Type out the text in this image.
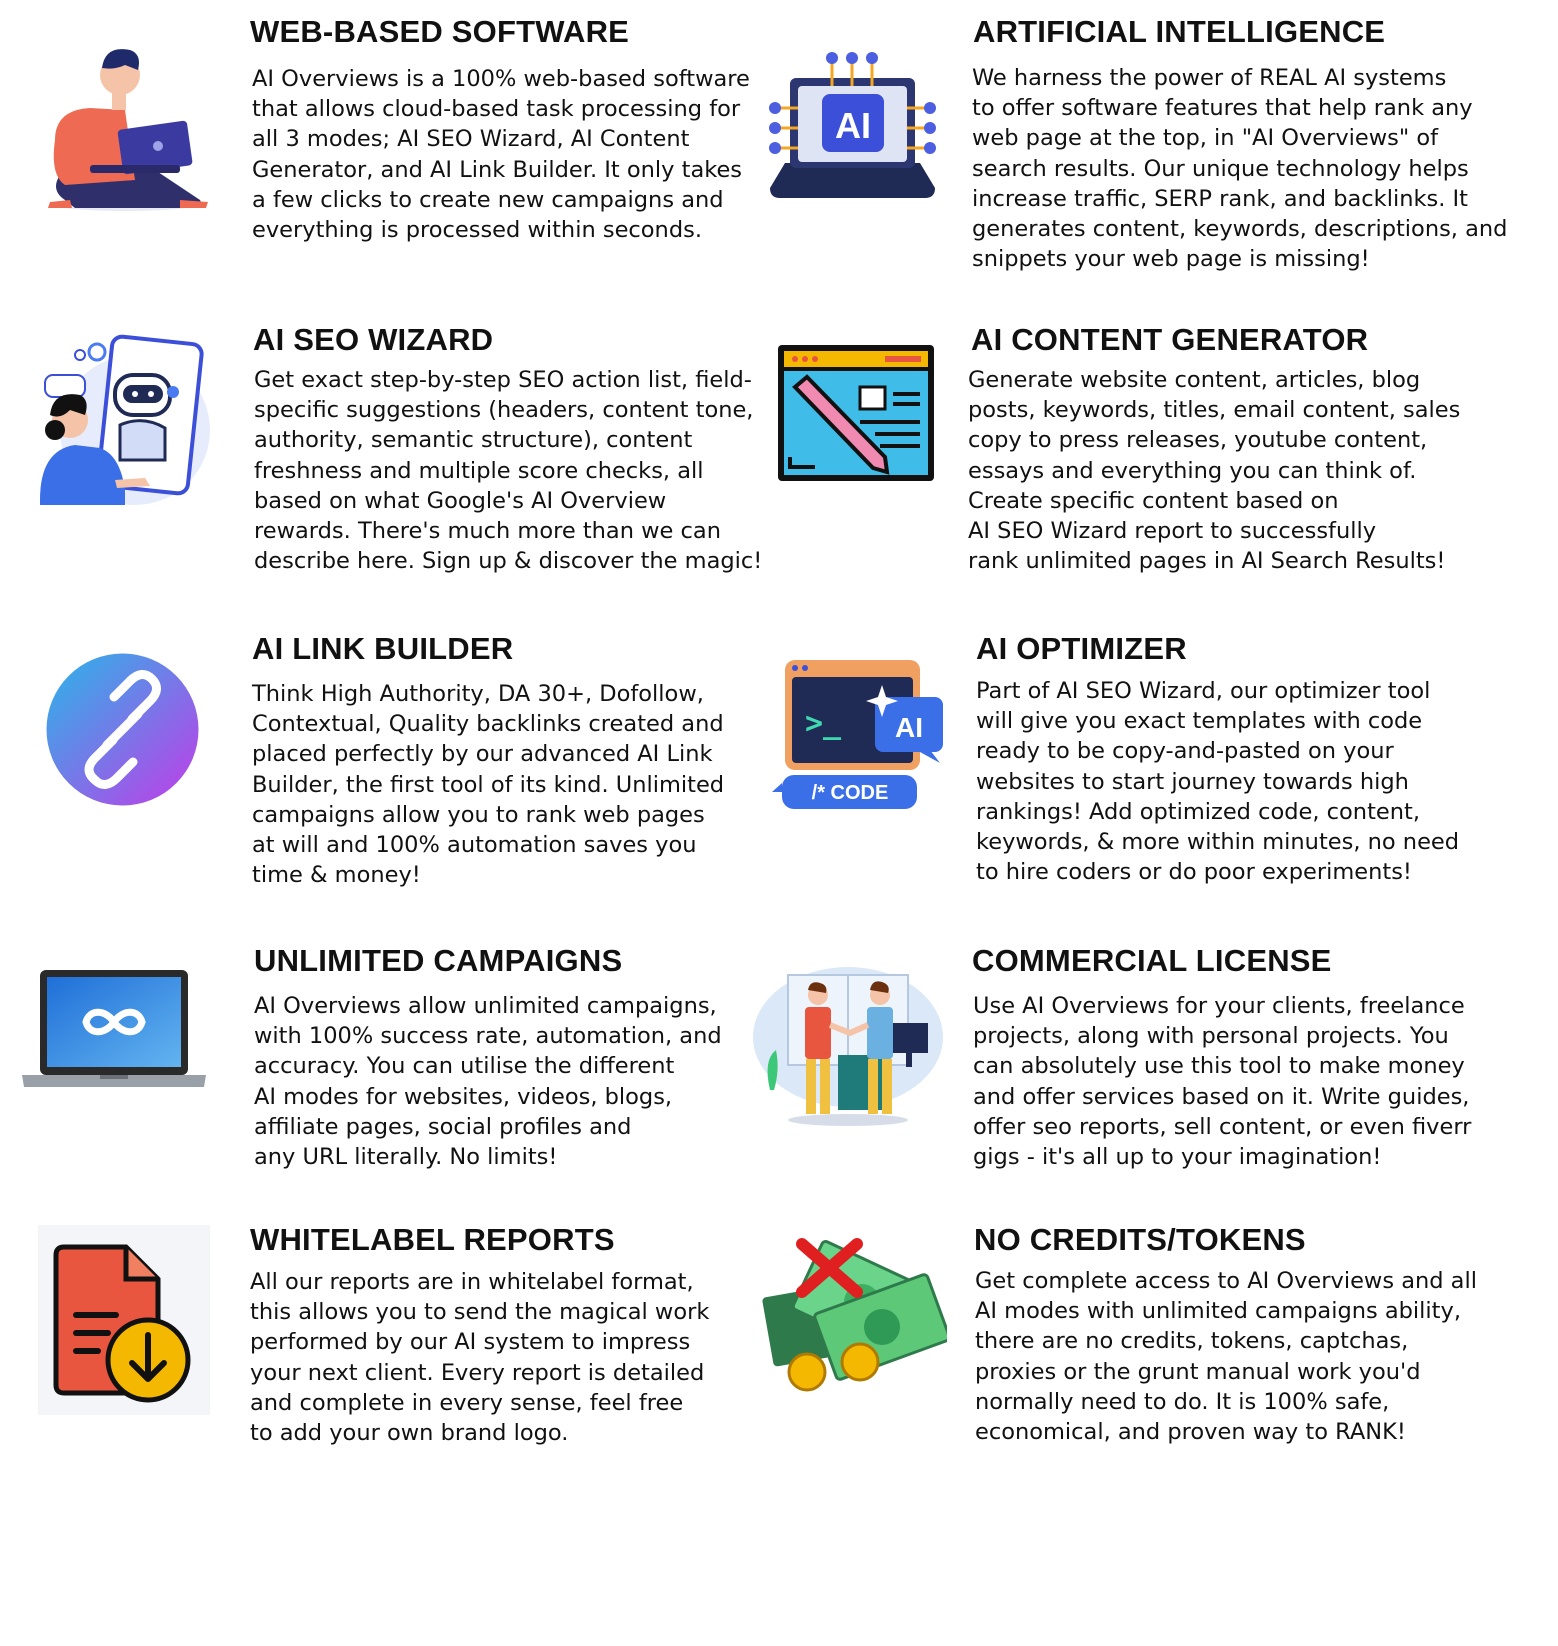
WEB-BASED SOFTWARE

AI Overviews is a 100% web-based software
that allows cloud-based task processing for
all 3 modes; AI SEO Wizard, AI Content
Generator, and AI Link Builder. It only takes
a few clicks to create new campaigns and
everything is processed within seconds.

AI
ARTIFICIAL INTELLIGENCE

We harness the power of REAL AI systems
to offer software features that help rank any
web page at the top, in "AI Overviews" of
search results. Our unique technology helps
increase traffic, SERP rank, and backlinks. It
generates content, keywords, descriptions, and
snippets your web page is missing!

AI SEO WIZARD

Get exact step-by-step SEO action list, field-
specific suggestions (headers, content tone,
authority, semantic structure), content
freshness and multiple score checks, all
based on what Google's AI Overview
rewards. There's much more than we can
describe here. Sign up & discover the magic!

AI CONTENT GENERATOR

Generate website content, articles, blog
posts, keywords, titles, email content, sales
copy to press releases, youtube content,
essays and everything you can think of.
Create specific content based on
AI SEO Wizard report to successfully
rank unlimited pages in AI Search Results!

AI LINK BUILDER

Think High Authority, DA 30+, Dofollow,
Contextual, Quality backlinks created and
placed perfectly by our advanced AI Link
Builder, the first tool of its kind. Unlimited
campaigns allow you to rank web pages
at will and 100% automation saves you
time & money!

>_ AI
/* CODE
AI OPTIMIZER

Part of AI SEO Wizard, our optimizer tool
will give you exact templates with code
ready to be copy-and-pasted on your
websites to start journey towards high
rankings! Add optimized code, content,
keywords, & more within minutes, no need
to hire coders or do poor experiments!

UNLIMITED CAMPAIGNS

AI Overviews allow unlimited campaigns,
with 100% success rate, automation, and
accuracy. You can utilise the different
AI modes for websites, videos, blogs,
affiliate pages, social profiles and
any URL literally. No limits!

COMMERCIAL LICENSE

Use AI Overviews for your clients, freelance
projects, along with personal projects. You
can absolutely use this tool to make money
and offer services based on it. Write guides,
offer seo reports, sell content, or even fiverr
gigs - it's all up to your imagination!

WHITELABEL REPORTS

All our reports are in whitelabel format,
this allows you to send the magical work
performed by our AI system to impress
your next client. Every report is detailed
and complete in every sense, feel free
to add your own brand logo.

NO CREDITS/TOKENS

Get complete access to AI Overviews and all
AI modes with unlimited campaigns ability,
there are no credits, tokens, captchas,
proxies or the grunt manual work you'd
normally need to do. It is 100% safe,
economical, and proven way to RANK!
